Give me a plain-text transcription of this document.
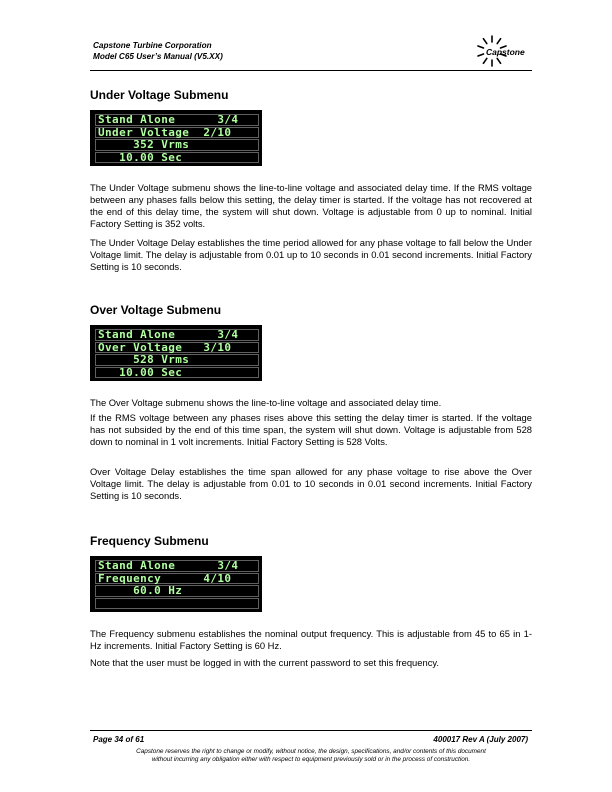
Capstone Turbine Corporation
Model C65 User’s Manual (V5.XX)	Capstone
Under Voltage Submenu
Stand Alone      3/4
Under Voltage  2/10
352 Vrms
10.00 Sec

The Under Voltage submenu shows the line-to-line voltage and associated delay time. If the RMS voltage between any phases falls below this setting, the delay timer is started. If the voltage has not recovered at the end of this delay time, the system will shut down. Voltage is adjustable from 0 up to nominal. Initial Factory Setting is 352 volts.

The Under Voltage Delay establishes the time period allowed for any phase voltage to fall below the Under Voltage limit. The delay is adjustable from 0.01 up to 10 seconds in 0.01 second increments. Initial Factory Setting is 10 seconds.

Over Voltage Submenu
Stand Alone      3/4
Over Voltage   3/10
528 Vrms
10.00 Sec

The Over Voltage submenu shows the line-to-line voltage and associated delay time.

If the RMS voltage between any phases rises above this setting the delay timer is started. If the voltage has not subsided by the end of this time span, the system will shut down. Voltage is adjustable from 528 down to nominal in 1 volt increments. Initial Factory Setting is 528 Volts.

Over Voltage Delay establishes the time span allowed for any phase voltage to rise above the Over Voltage limit. The delay is adjustable from 0.01 to 10 seconds in 0.01 second increments. Initial Factory Setting is 10 seconds.

Frequency Submenu
Stand Alone      3/4
Frequency      4/10
60.0 Hz

The Frequency submenu establishes the nominal output frequency. This is adjustable from 45 to 65 in 1-Hz increments. Initial Factory Setting is 60 Hz.

Note that the user must be logged in with the current password to set this frequency.

Page 34 of 61	400017 Rev A (July 2007)
Capstone reserves the right to change or modify, without notice, the design, specifications, and/or contents of this document
without incurring any obligation either with respect to equipment previously sold or in the process of construction.
